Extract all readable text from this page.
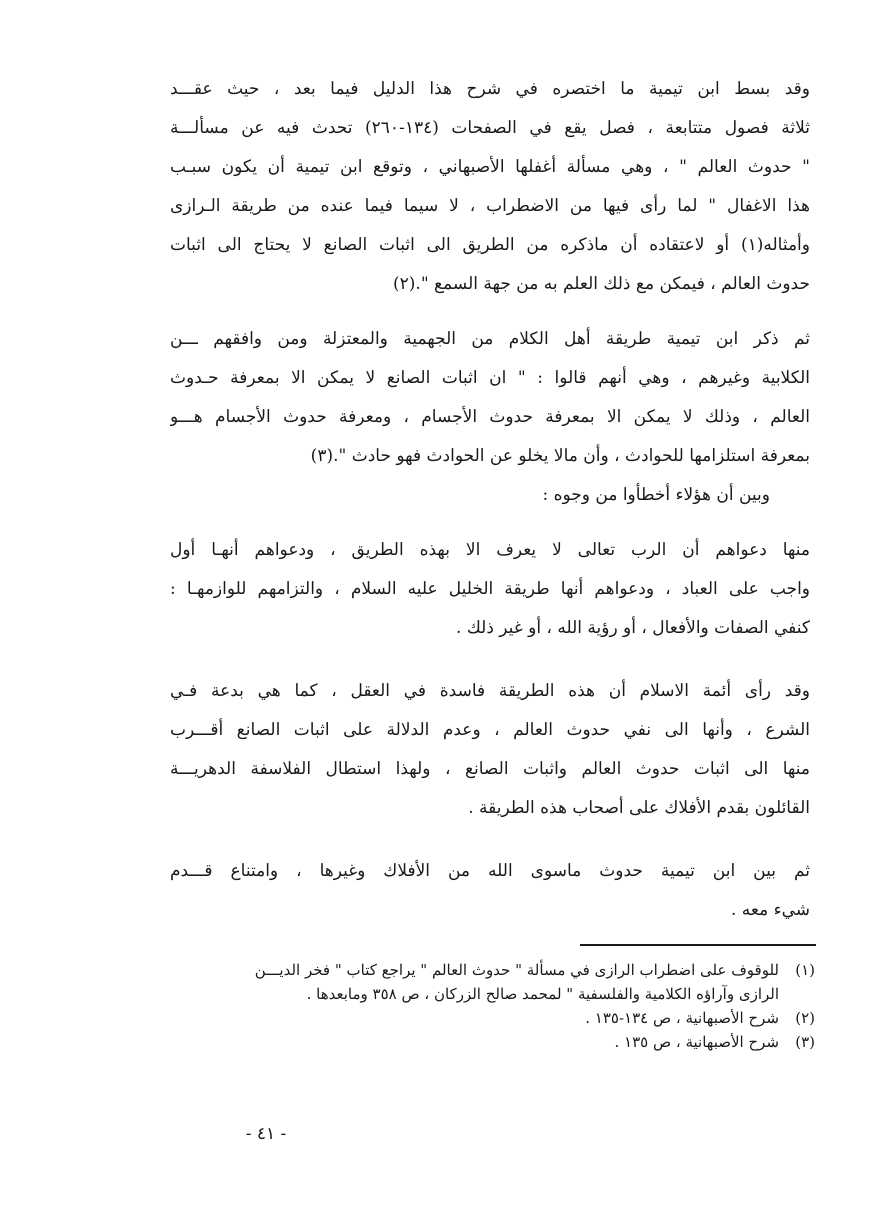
وقد بسط ابن تيمية ما اختصره في شرح هذا الدليل فيما بعد ، حيث عقـــد
ثلاثة فصول متتابعة ، فصل يقع في الصفحات (١٣٤-٢٦٠) تحدث فيه عن مسألـــة
" حدوث العالم " ، وهي مسألة أغفلها الأصبهاني ، وتوقع ابن تيمية أن يكون سبـب
هذا الاغفال " لما رأى فيها من الاضطراب ، لا سيما فيما عنده من طريقة الـرازى
وأمثاله(١) أو لاعتقاده أن ماذكره من الطريق الى اثبات الصانع لا يحتاج الى اثبات
حدوث العالم ، فيمكن مع ذلك العلم به من جهة السمع ".(٢)
ثم ذكر ابن تيمية طريقة أهل الكلام من الجهمية والمعتزلة ومن وافقهم ـــن
الكلابية وغيرهم ، وهي أنهم قالوا : " ان اثبات الصانع لا يمكن الا بمعرفة حـدوث
العالم ، وذلك لا يمكن الا بمعرفة حدوث الأجسام ، ومعرفة حدوث الأجسام هـــو
بمعرفة استلزامها للحوادث ، وأن مالا يخلو عن الحوادث فهو حادث ".(٣)
وبين أن هؤلاء أخطأوا من وجوه :
منها دعواهم أن الرب تعالى لا يعرف الا بهذه الطريق ، ودعواهم أنهـا أول
واجب على العباد ، ودعواهم أنها طريقة الخليل عليه السلام ، والتزامهم للوازمهـا :
كنفي الصفات والأفعال ، أو رؤية الله ، أو غير ذلك .
وقد رأى أئمة الاسلام أن هذه الطريقة فاسدة في العقل ، كما هي بدعة فـي
الشرع ، وأنها الى نفي حدوث العالم ، وعدم الدلالة على اثبات الصانع أقـــرب
منها الى اثبات حدوث العالم واثبات الصانع ، ولهذا استطال الفلاسفة الدهريـــة
القائلون بقدم الأفلاك على أصحاب هذه الطريقة .
ثم بين ابن تيمية حدوث ماسوى الله من الأفلاك وغيرها ، وامتناع قـــدم
شيء معه .
(١)
للوقوف على اضطراب الرازى في مسألة " حدوث العالم " يراجع كتاب " فخر الديـــن
الرازى وآراؤه الكلامية والفلسفية " لمحمد صالح الزركان ، ص ٣٥٨ ومابعدها .
(٢)
شرح الأصبهانية ، ص ١٣٤-١٣٥ .
(٣)
شرح الأصبهانية ، ص ١٣٥ .
- ٤١ -
